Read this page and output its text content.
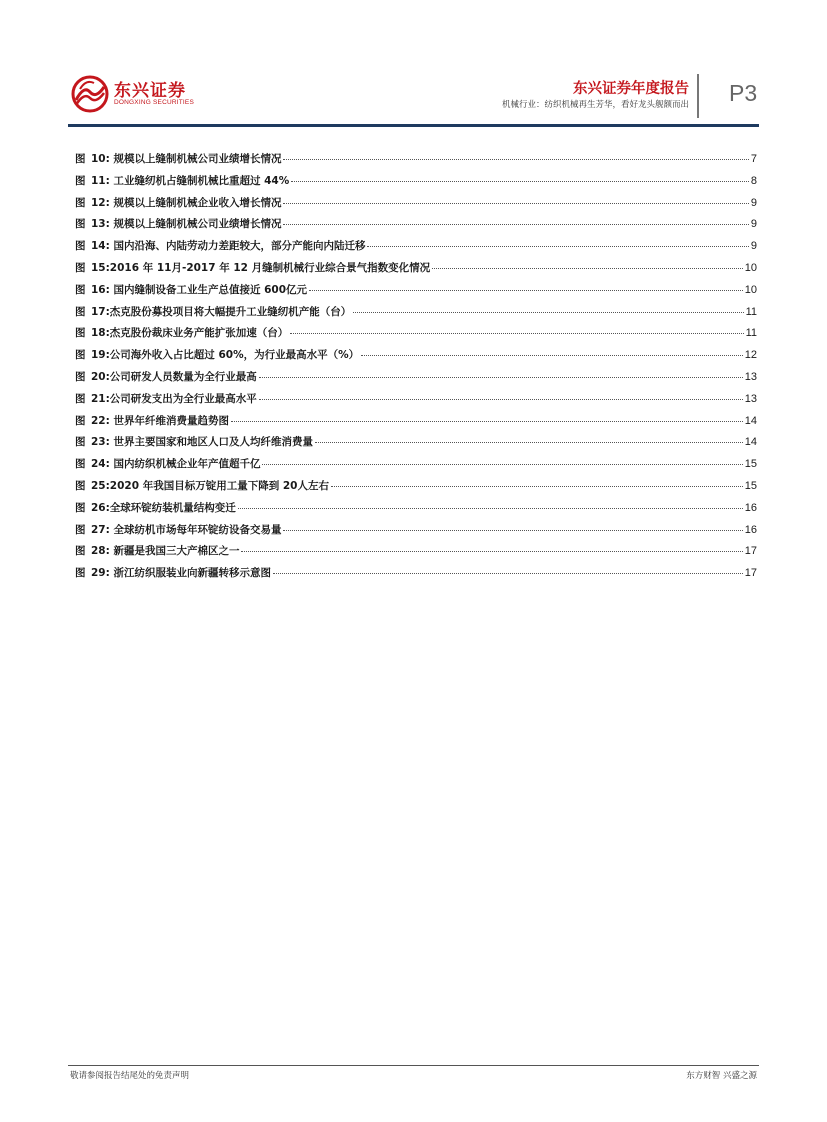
东兴证券
DONGXING SECURITIES
东兴证券年度报告
机械行业：纺织机械再生芳华，看好龙头舰额而出 P3
图 10: 规模以上缝制机械公司业绩增长情况	7
图 11: 工业缝纫机占缝制机械比重超过 44%	8
图 12: 规模以上缝制机械企业收入增长情况	9
图 13: 规模以上缝制机械公司业绩增长情况	9
图 14: 国内沿海、内陆劳动力差距较大，部分产能向内陆迁移	9
图 15:2016 年 11月-2017 年 12 月缝制机械行业综合景气指数变化情况	10
图 16: 国内缝制设备工业生产总值接近 600亿元	10
图 17:杰克股份募投项目将大幅提升工业缝纫机产能（台）	11
图 18:杰克股份裁床业务产能扩张加速（台）	11
图 19:公司海外收入占比超过 60%，为行业最高水平（%）	12
图 20:公司研发人员数量为全行业最高	13
图 21:公司研发支出为全行业最高水平	13
图 22: 世界年纤维消费量趋势图	14
图 23: 世界主要国家和地区人口及人均纤维消费量	14
图 24: 国内纺织机械企业年产值超千亿	15
图 25:2020 年我国目标万锭用工量下降到 20人左右	15
图 26:全球环锭纺装机量结构变迁	16
图 27: 全球纺机市场每年环锭纺设备交易量	16
图 28: 新疆是我国三大产棉区之一	17
图 29: 浙江纺织服装业向新疆转移示意图	17
敬请参阅报告结尾处的免责声明	东方财智 兴盛之源
